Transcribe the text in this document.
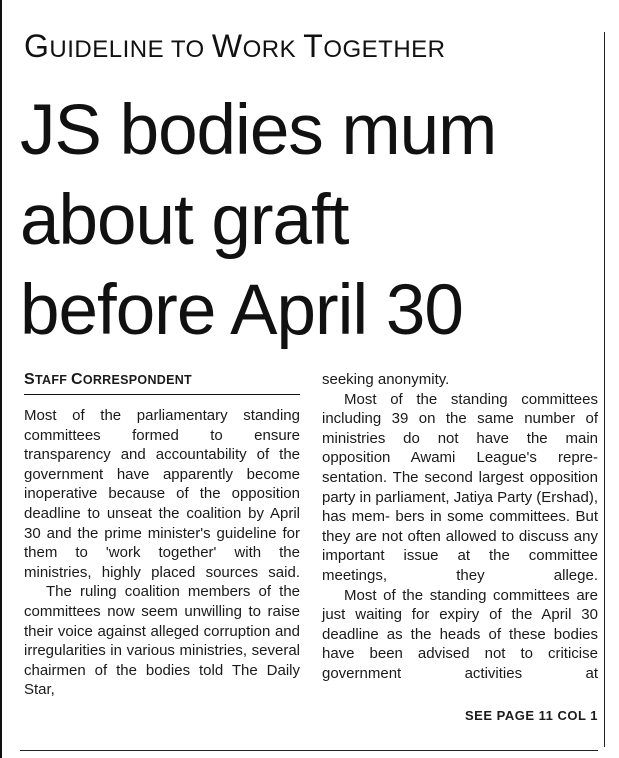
GUIDELINE TO WORK TOGETHER
JS bodies mum
about graft
before April 30
STAFF CORRESPONDENT

Most of the parliamentary standing committees formed to ensure transparency and accountability of the government have apparently become inoperative because of the opposition deadline to unseat the coalition by April 30 and the prime minister's guideline for them to 'work together' with the ministries, highly placed sources said.

The ruling coalition members of the committees now seem unwilling to raise their voice against alleged corruption and irregularities in various ministries, several chairmen of the bodies told The Daily Star,

seeking anonymity.

Most of the standing committees including 39 on the same number of ministries do not have the main opposition Awami League's repre- sentation. The second largest opposition party in parliament, Jatiya Party (Ershad), has mem- bers in some committees. But they are not often allowed to discuss any important issue at the committee meetings, they allege.

Most of the standing committees are just waiting for expiry of the April 30 deadline as the heads of these bodies have been advised not to criticise government activities at

SEE PAGE 11 COL 1
